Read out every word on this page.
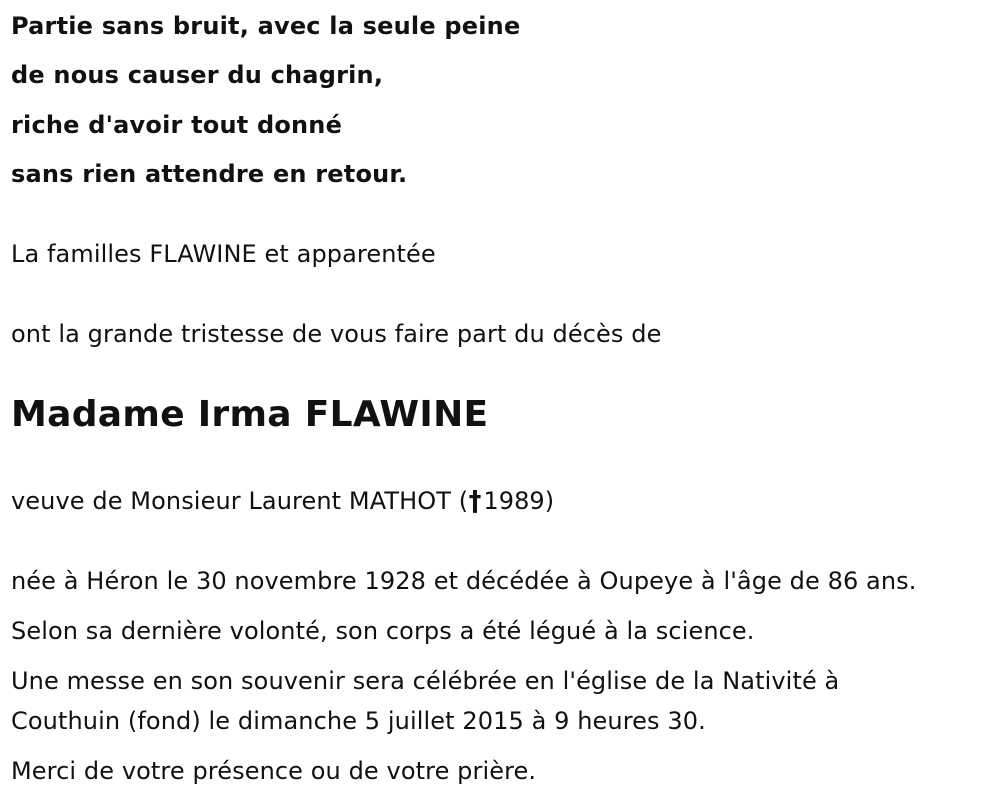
Partie sans bruit, avec la seule peine
de nous causer du chagrin,
riche d'avoir tout donné
sans rien attendre en retour.
La familles FLAWINE et apparentée
ont la grande tristesse de vous faire part du décès de
Madame Irma FLAWINE
veuve de Monsieur Laurent MATHOT (†1989)
née à Héron le 30 novembre 1928 et décédée à Oupeye à l'âge de 86 ans.
Selon sa dernière volonté, son corps a été légué à la science.
Une messe en son souvenir sera célébrée en l'église de la Nativité à
Couthuin (fond) le dimanche 5 juillet 2015 à 9 heures 30.
Merci de votre présence ou de votre prière.
